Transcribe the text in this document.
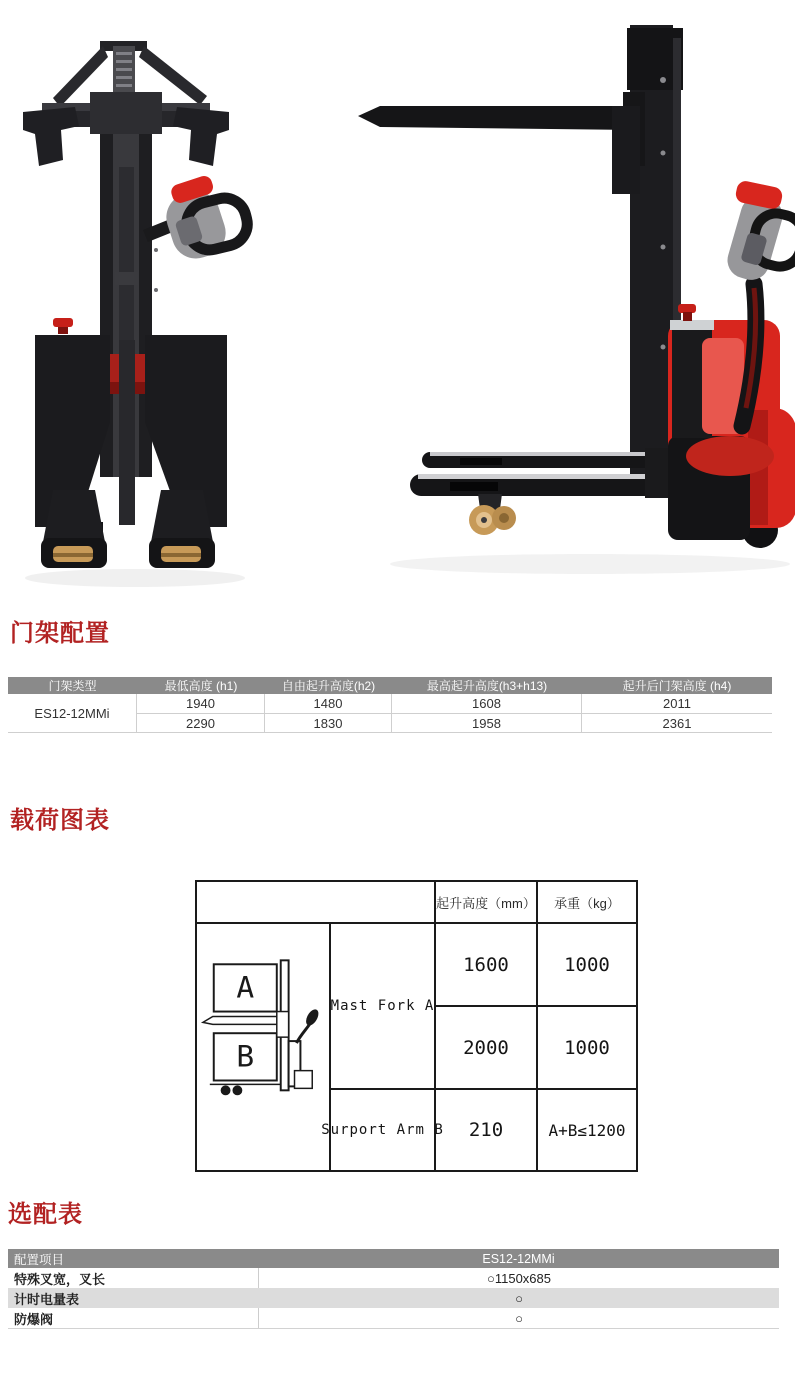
门架配置
门架类型	最低高度 (h1)	自由起升高度(h2)	最高起升高度(h3+h13)	起升后门架高度 (h4)
ES12-12MMi
1940	1480	1608	2011
2290	1830	1958	2361
载荷图表
起升高度（mm）	承重（kg）
A
B
Mast Fork A
1600	1000
2000	1000
Surport Arm B	210	A+B≤1200
选配表
配置项目	ES12-12MMi
特殊叉宽，叉长	○1150x685
计时电量表	○
防爆阀	○
